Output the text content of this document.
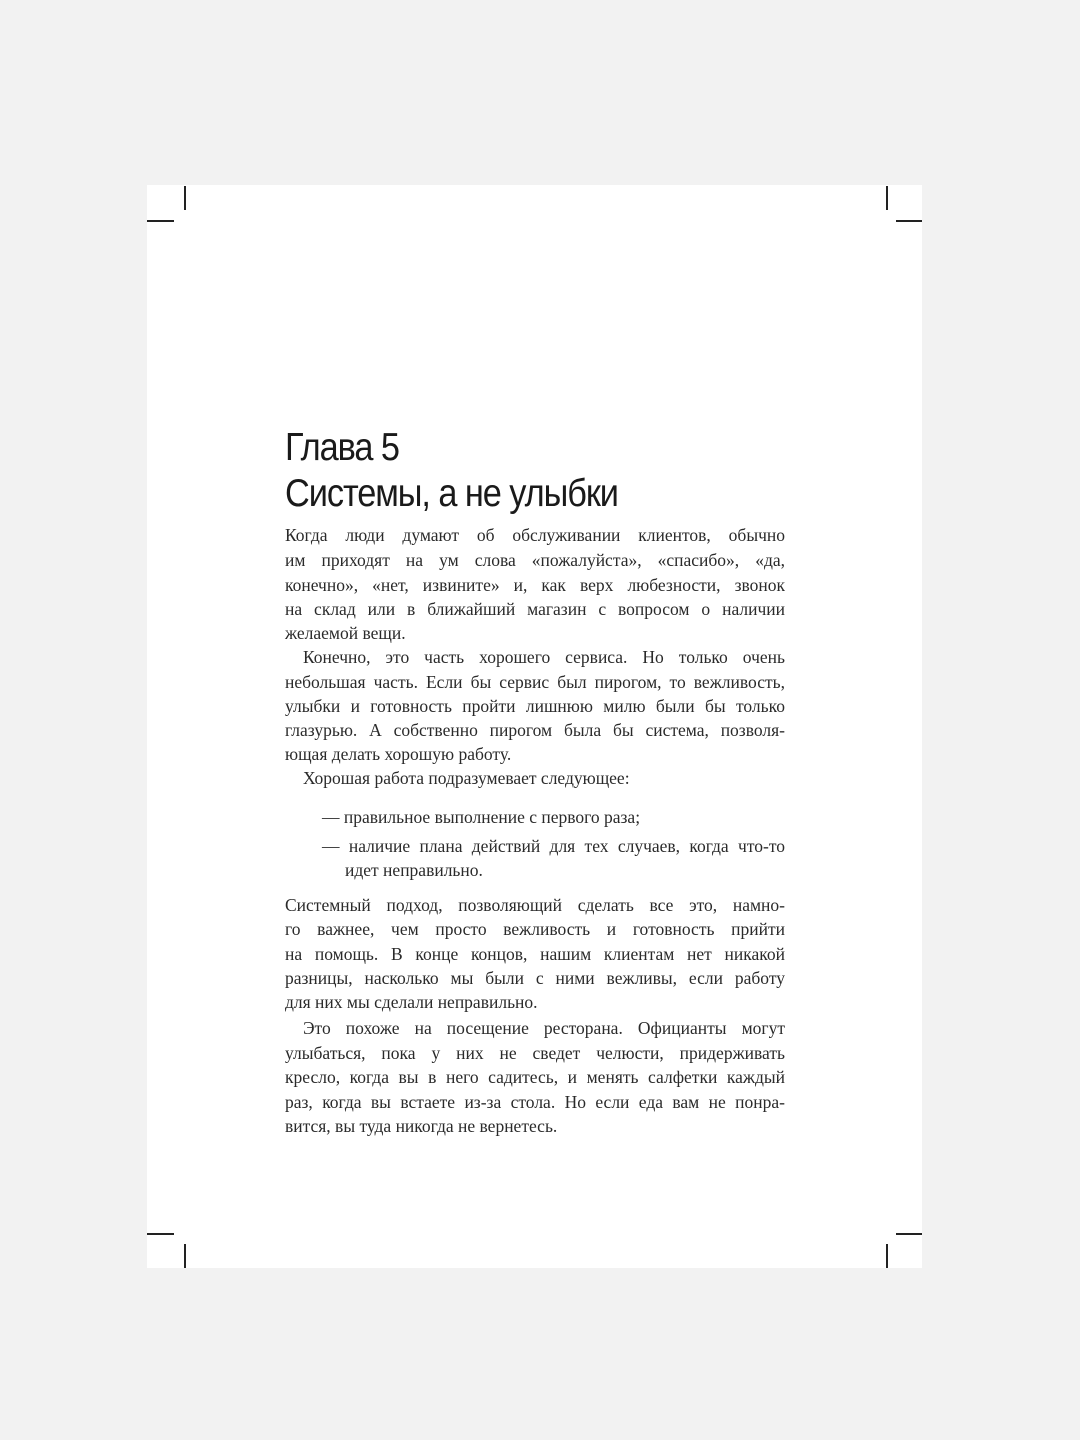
Глава 5
Системы, а не улыбки
Когда люди думают об обслуживании клиентов, обычно
им приходят на ум слова «пожалуйста», «спасибо», «да,
конечно», «нет, извините» и, как верх любезности, звонок
на склад или в ближайший магазин с вопросом о наличии
желаемой вещи.
Конечно, это часть хорошего сервиса. Но только очень
небольшая часть. Если бы сервис был пирогом, то вежливость,
улыбки и готовность пройти лишнюю милю были бы только
глазурью. А собственно пирогом была бы система, позволя-
ющая делать хорошую работу.
Хорошая работа подразумевает следующее:
— правильное выполнение с первого раза;
— наличие плана действий для тех случаев, когда что-то
идет неправильно.
Системный подход, позволяющий сделать все это, намно-
го важнее, чем просто вежливость и готовность прийти
на помощь. В конце концов, нашим клиентам нет никакой
разницы, насколько мы были с ними вежливы, если работу
для них мы сделали неправильно.
Это похоже на посещение ресторана. Официанты могут
улыбаться, пока у них не сведет челюсти, придерживать
кресло, когда вы в него садитесь, и менять салфетки каждый
раз, когда вы встаете из-за стола. Но если еда вам не понра-
вится, вы туда никогда не вернетесь.
